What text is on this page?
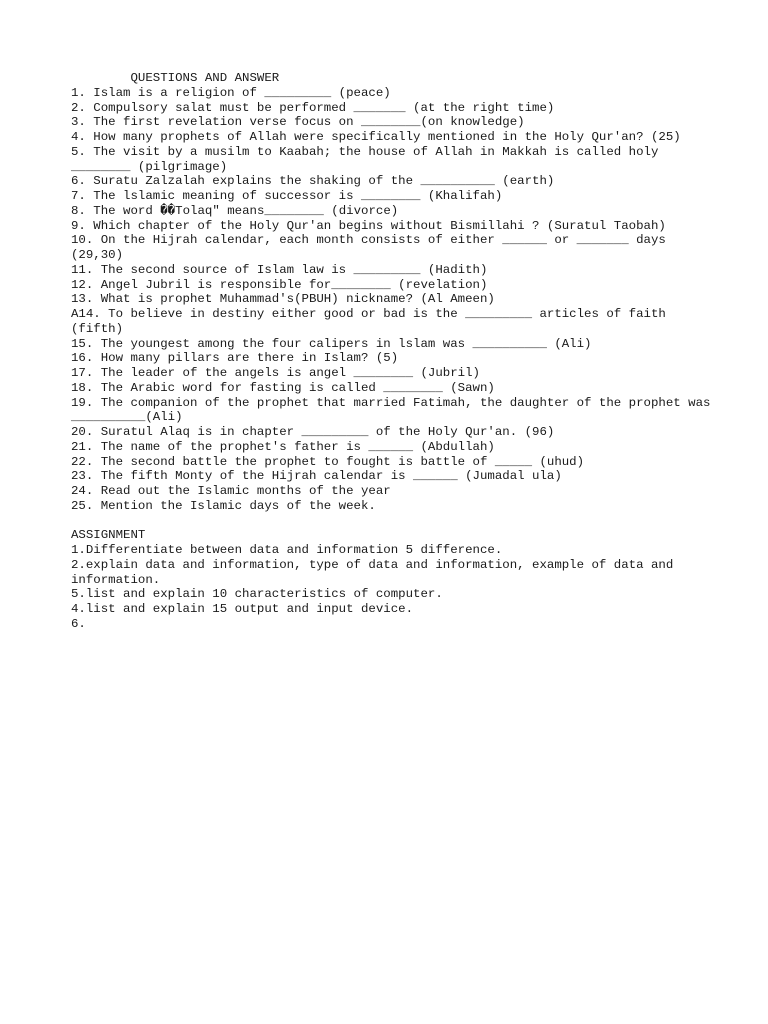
QUESTIONS AND ANSWER

1. Islam is a religion of _________ (peace)

2. Compulsory salat must be performed _______ (at the right time)

3. The first revelation verse focus on ________(on knowledge)

4. How many prophets of Allah were specifically mentioned in the Holy Qur'an? (25)

5. The visit by a musilm to Kaabah; the house of Allah in Makkah is called holy ________ (pilgrimage)

6. Suratu Zalzalah explains the shaking of the __________ (earth)

7. The lslamic meaning of successor is ________ (Khalifah)

8. The word ��Tolaq" means________ (divorce)

9. Which chapter of the Holy Qur'an begins without Bismillahi ? (Suratul Taobah)

10. On the Hijrah calendar, each month consists of either ______ or _______ days (29,30)

11. The second source of Islam law is _________ (Hadith)

12. Angel Jubril is responsible for________ (revelation)

13. What is prophet Muhammad's(PBUH) nickname? (Al Ameen)

A14. To believe in destiny either good or bad is the _________ articles of faith (fifth)

15. The youngest among the four calipers in lslam was __________ (Ali)

16. How many pillars are there in Islam? (5)

17. The leader of the angels is angel ________ (Jubril)

18. The Arabic word for fasting is called ________ (Sawn)

19. The companion of the prophet that married Fatimah, the daughter of the prophet was __________(Ali)

20. Suratul Alaq is in chapter _________ of the Holy Qur'an. (96)

21. The name of the prophet's father is ______ (Abdullah)

22. The second battle the prophet to fought is battle of _____ (uhud)

23. The fifth Monty of the Hijrah calendar is ______ (Jumadal ula)

24. Read out the Islamic months of the year

25. Mention the Islamic days of the week.

ASSIGNMENT

1.Differentiate between data and information 5 difference.

2.explain data and information, type of data and information, example of data and information.

5.list and explain 10 characteristics of computer.

4.list and explain 15 output and input device.

6.
